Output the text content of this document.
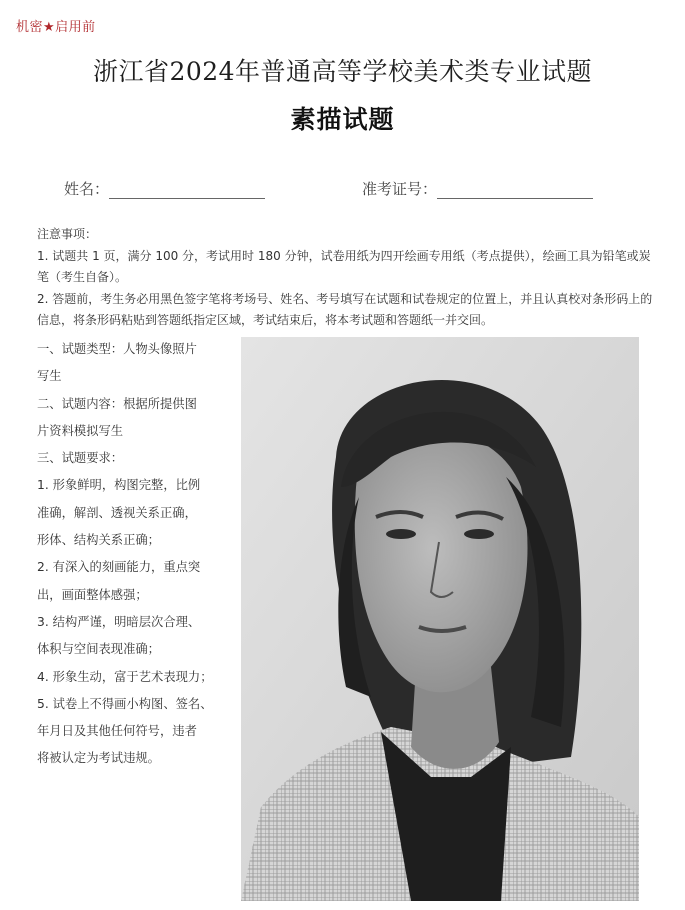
机密★启用前
浙江省2024年普通高等学校美术类专业试题
素描试题
姓名：	准考证号：

注意事项：

1. 试题共 1 页，满分 100 分，考试用时 180 分钟，试卷用纸为四开绘画专用纸（考点提供），绘画工具为铅笔或炭笔（考生自备）。

2. 答题前，考生务必用黑色签字笔将考场号、姓名、考号填写在试题和试卷规定的位置上，并且认真校对条形码上的信息，将条形码粘贴到答题纸指定区域，考试结束后，将本考试题和答题纸一并交回。

一、试题类型：人物头像照片

写生

二、试题内容：根据所提供图

片资料模拟写生

三、试题要求：

1. 形象鲜明，构图完整，比例

准确，解剖、透视关系正确，

形体、结构关系正确；

2. 有深入的刻画能力，重点突

出，画面整体感强；

3. 结构严谨，明暗层次合理、

体积与空间表现准确；

4. 形象生动，富于艺术表现力；

5. 试卷上不得画小构图、签名、

年月日及其他任何符号，违者

将被认定为考试违规。
